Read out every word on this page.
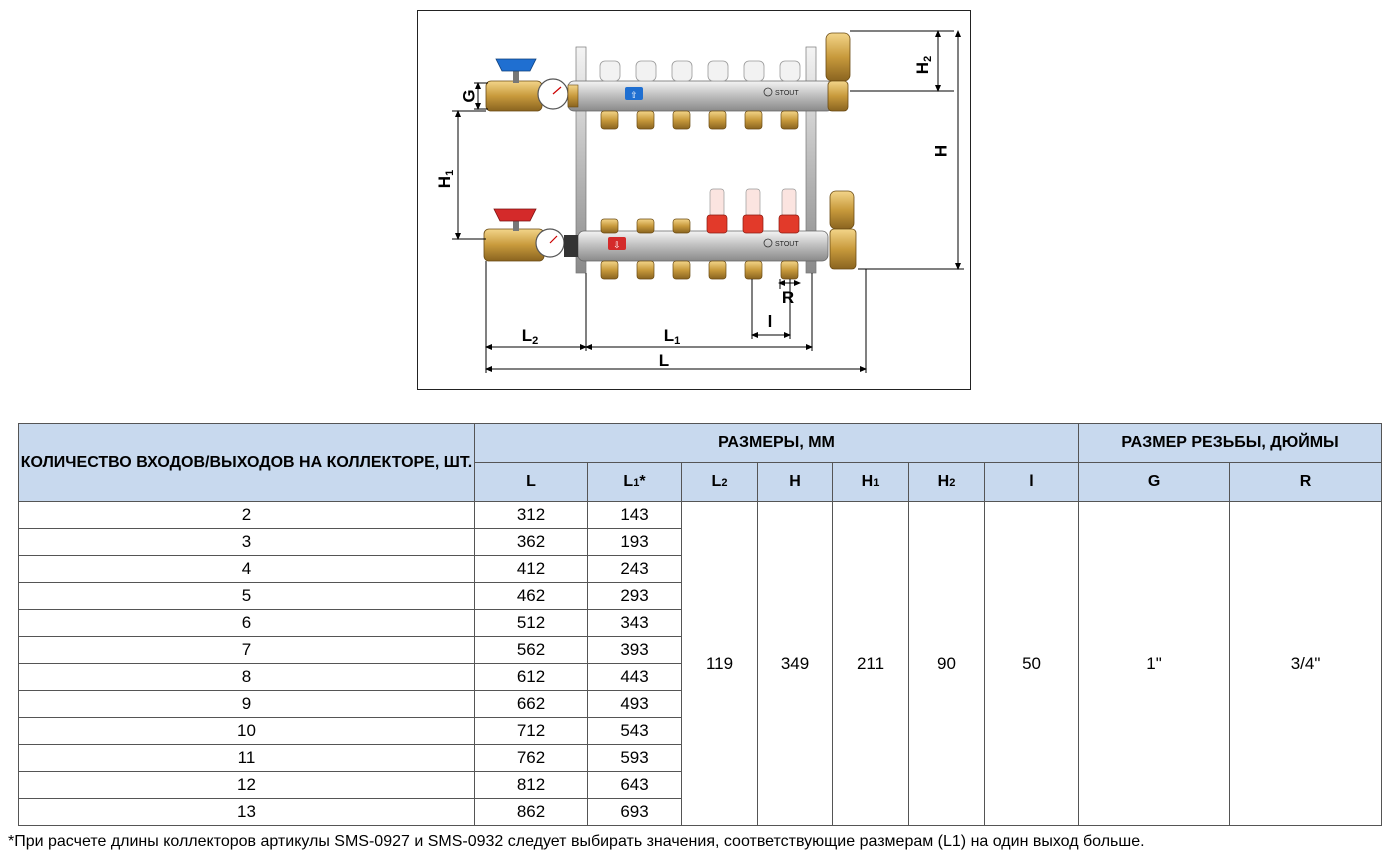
⇧	STOUT
⇩	STOUT
G
H1
H2
H
R
l
L2	L1
L
КОЛИЧЕСТВО ВХОДОВ/ВЫХОДОВ НА КОЛЛЕКТОРЕ, ШТ.	РАЗМЕРЫ, ММ							РАЗМЕР РЕЗЬБЫ, ДЮЙМЫ	
	L	L1*	L2	H	H1	H2	l	G	R
2	312	143	119	349	211	90	50	1"	3/4"
3	362	193							
4	412	243							
5	462	293							
6	512	343							
7	562	393							
8	612	443							
9	662	493							
10	712	543							
11	762	593							
12	812	643							
13	862	693							
*При расчете длины коллекторов артикулы SMS-0927 и SMS-0932 следует выбирать значения, соответствующие размерам (L1) на один выход больше.
